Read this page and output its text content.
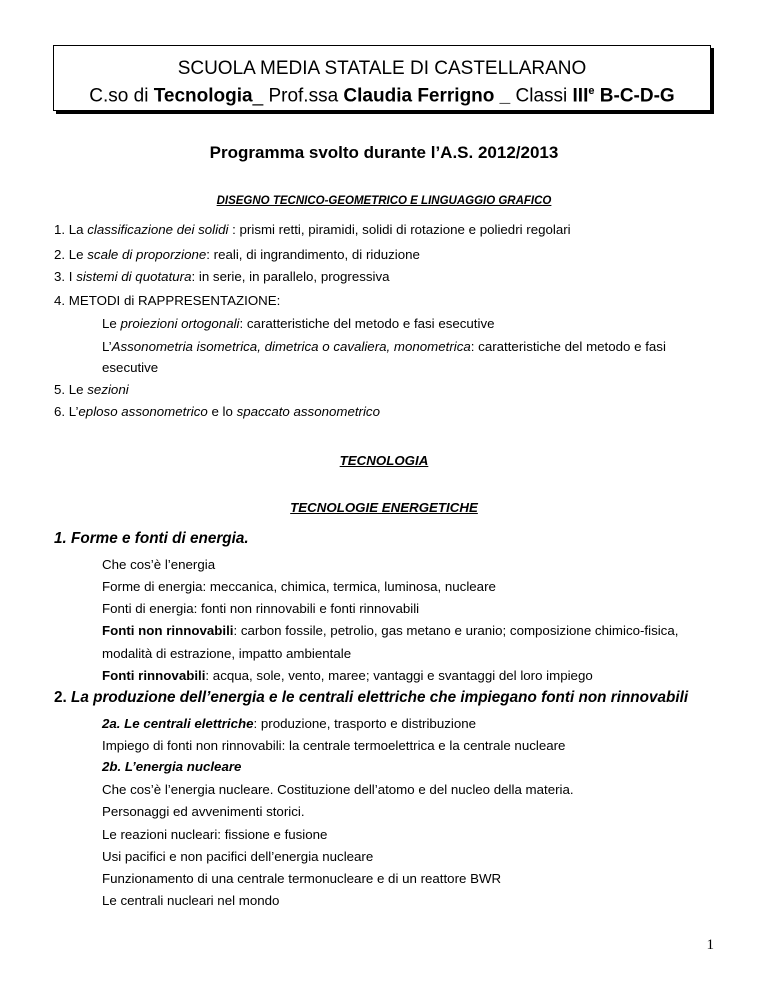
SCUOLA MEDIA STATALE DI CASTELLARANO
C.so di Tecnologia_ Prof.ssa Claudia Ferrigno _ Classi IIIe B-C-D-G
Programma svolto durante l’A.S. 2012/2013
DISEGNO TECNICO-GEOMETRICO E LINGUAGGIO GRAFICO
1. La classificazione dei solidi : prismi retti, piramidi, solidi di rotazione e poliedri regolari
2. Le scale di proporzione: reali, di ingrandimento, di riduzione
3. I sistemi di quotatura: in serie, in parallelo, progressiva
4. METODI di RAPPRESENTAZIONE:
Le proiezioni ortogonali: caratteristiche del metodo e fasi esecutive
L’Assonometria isometrica, dimetrica o cavaliera, monometrica: caratteristiche del metodo e fasi
esecutive
5. Le sezioni
6. L’eploso assonometrico e lo spaccato assonometrico
TECNOLOGIA
TECNOLOGIE ENERGETICHE
1. Forme e fonti di energia.
Che cos’è l’energia
Forme di energia: meccanica, chimica, termica, luminosa, nucleare
Fonti di energia: fonti non rinnovabili e fonti rinnovabili
Fonti non rinnovabili: carbon fossile, petrolio, gas metano e uranio; composizione chimico-fisica,
modalità di estrazione, impatto ambientale
Fonti rinnovabili: acqua, sole, vento, maree; vantaggi e svantaggi del loro impiego
2. La produzione dell’energia e le centrali elettriche che impiegano fonti non rinnovabili
2a. Le centrali elettriche: produzione, trasporto e distribuzione
Impiego di fonti non rinnovabili: la centrale termoelettrica e la centrale nucleare
2b. L’energia nucleare
Che cos’è l’energia nucleare. Costituzione dell’atomo e del nucleo della materia.
Personaggi ed avvenimenti storici.
Le reazioni nucleari: fissione e fusione
Usi pacifici e non pacifici dell’energia nucleare
Funzionamento di una centrale termonucleare e di un reattore BWR
Le centrali nucleari nel mondo
1
